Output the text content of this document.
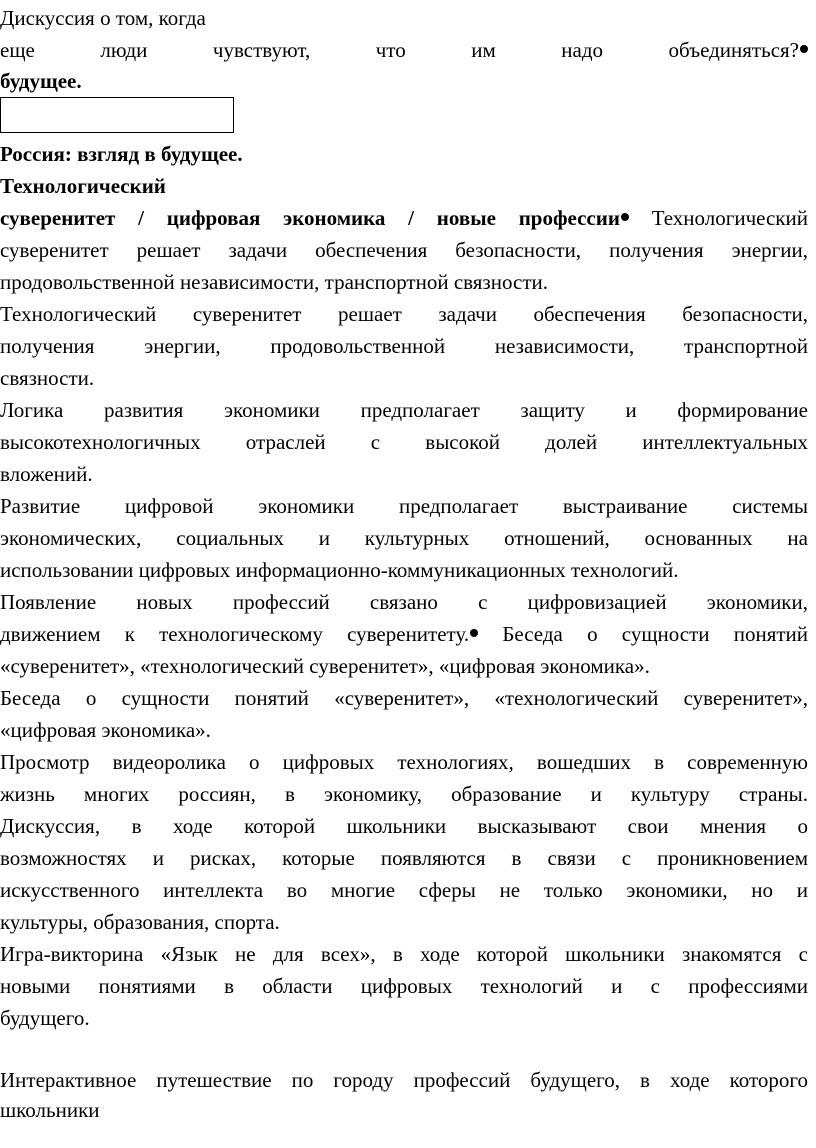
Дискуссия о том, когда
еще люди чувствуют, что им надо объединяться?
будущее.
Россия: взгляд в будущее.
Технологический
суверенитет / цифровая экономика / новые профессии Технологический
суверенитет решает задачи обеспечения безопасности, получения энергии,
продовольственной независимости, транспортной связности.
Технологический суверенитет решает задачи обеспечения безопасности,
получения энергии, продовольственной независимости, транспортной
связности.
Логика развития экономики предполагает защиту и формирование
высокотехнологичных отраслей с высокой долей интеллектуальных
вложений.
Развитие цифровой экономики предполагает выстраивание системы
экономических, социальных и культурных отношений, основанных на
использовании цифровых информационно-коммуникационных технологий.
Появление новых профессий связано с цифровизацией экономики,
движением к технологическому суверенитету. Беседа о сущности понятий
«суверенитет», «технологический суверенитет», «цифровая экономика».
Беседа о сущности понятий «суверенитет», «технологический суверенитет»,
«цифровая экономика».
Просмотр видеоролика о цифровых технологиях, вошедших в современную
жизнь многих россиян, в экономику, образование и культуру страны.
Дискуссия, в ходе которой школьники высказывают свои мнения о
возможностях и рисках, которые появляются в связи с проникновением
искусственного интеллекта во многие сферы не только экономики, но и
культуры, образования, спорта.
Игра-викторина «Язык не для всех», в ходе которой школьники знакомятся с
новыми понятиями в области цифровых технологий и с профессиями
будущего.
Интерактивное путешествие по городу профессий будущего, в ходе которого
школьники
